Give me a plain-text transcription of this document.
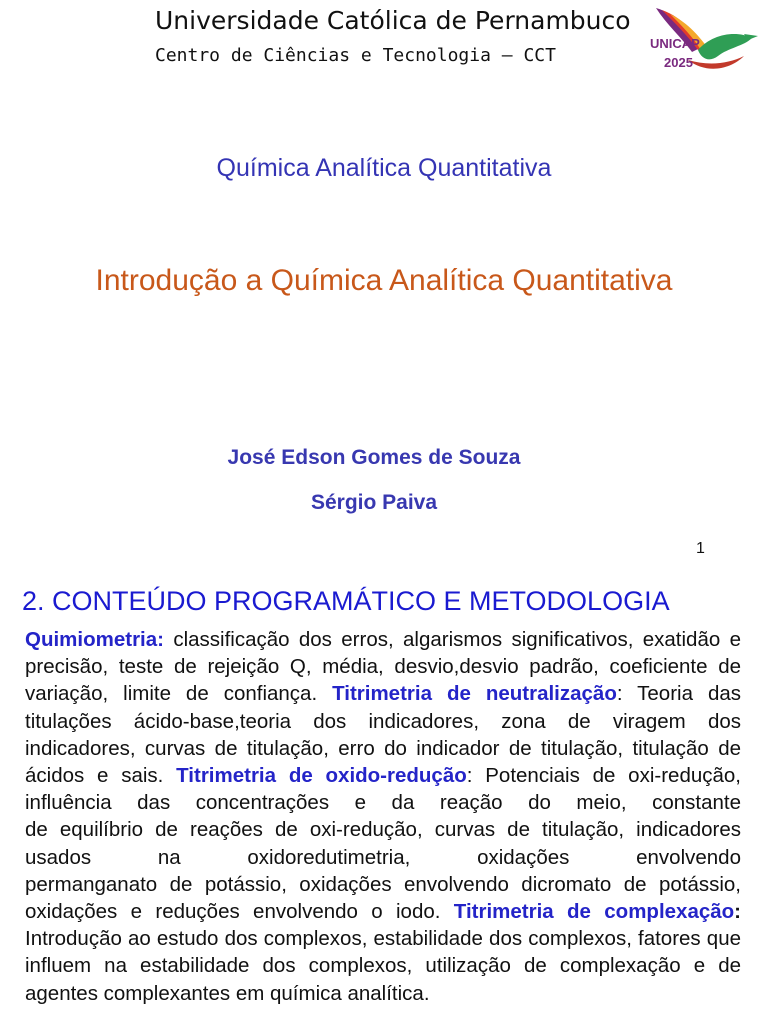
Universidade Católica de Pernambuco
Centro de Ciências e Tecnologia – CCT
UNICAP
2025
Química Analítica Quantitativa
Introdução a Química Analítica Quantitativa
José Edson Gomes de Souza
Sérgio Paiva
1
2. CONTEÚDO PROGRAMÁTICO E METODOLOGIA

Quimiometria: classificação dos erros, algarismos significativos, exatidão e precisão, teste de rejeição Q, média, desvio,desvio padrão, coeficiente de variação, limite de confiança. Titrimetria de neutralização: Teoria das titulações ácido-base,teoria dos indicadores, zona de viragem dos indicadores, curvas de titulação, erro do indicador de titulação, titulação de ácidos e sais. Titrimetria de oxido-redução: Potenciais de oxi-redução, influência das concentrações e da reação do meio, constante

de equilíbrio de reações de oxi-redução, curvas de titulação, indicadores usados na oxidoredutimetria, oxidações envolvendo

permanganato de potássio, oxidações envolvendo dicromato de potássio, oxidações e reduções envolvendo o iodo. Titrimetria de complexação: Introdução ao estudo dos complexos, estabilidade dos complexos, fatores que influem na estabilidade dos complexos, utilização de complexação e de agentes complexantes em química analítica.
